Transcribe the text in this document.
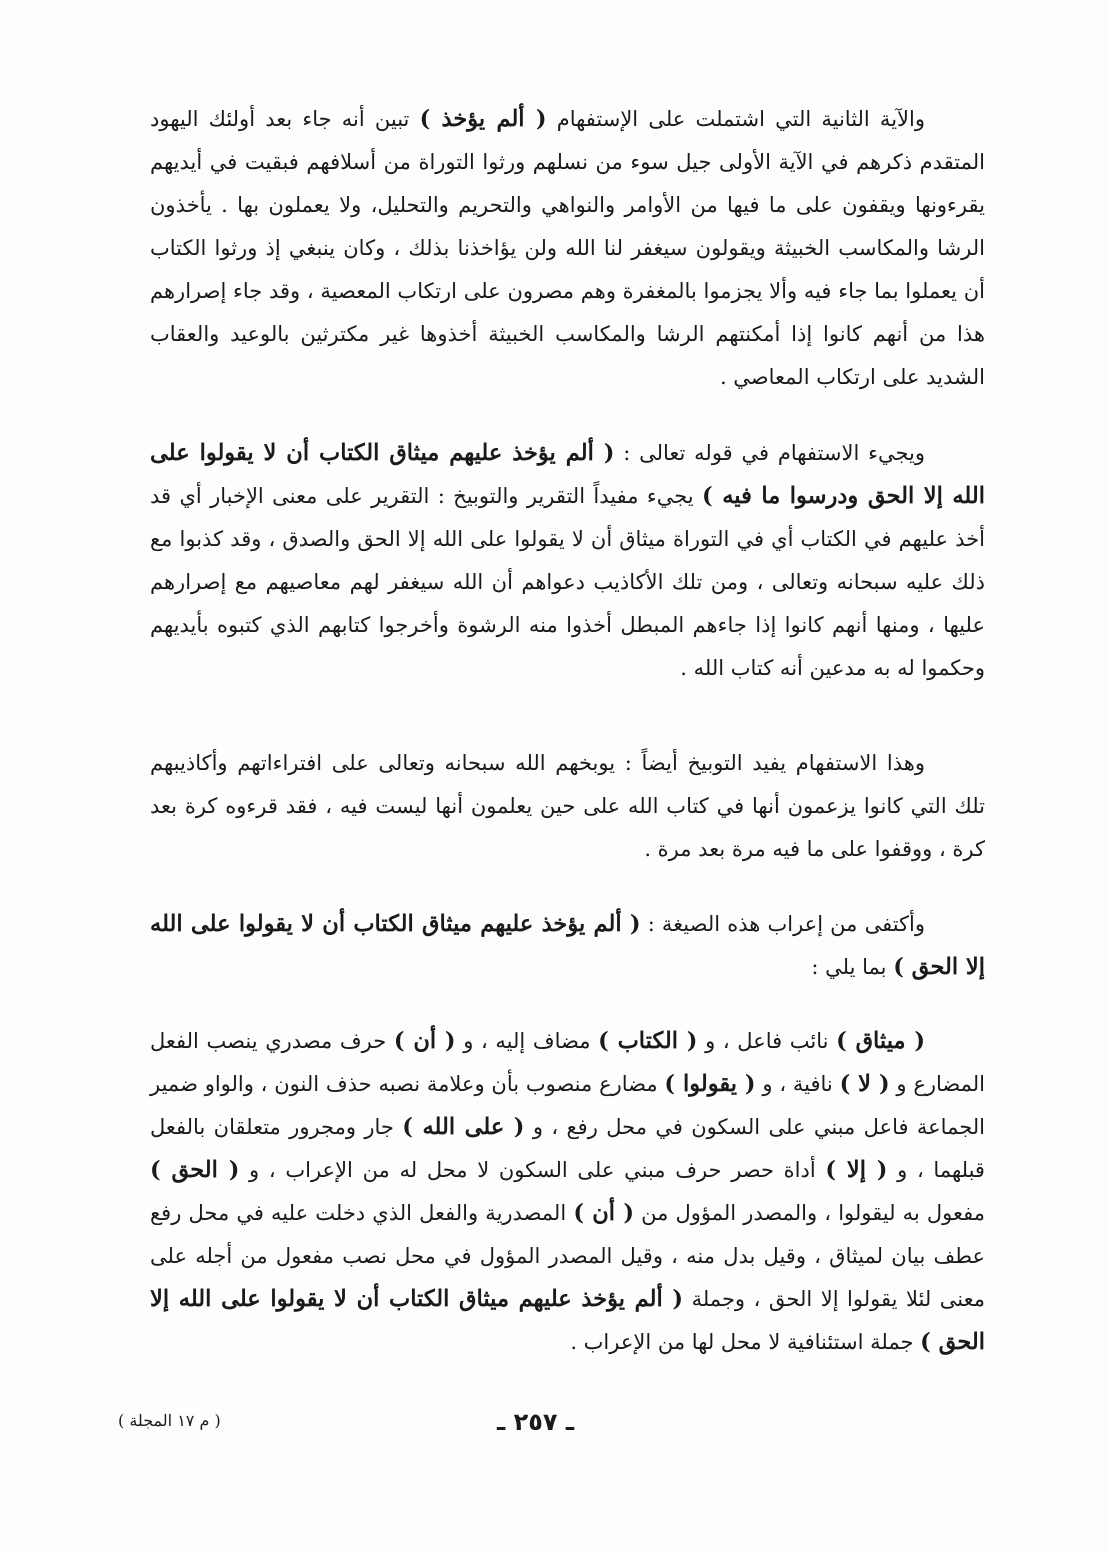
والآية الثانية التي اشتملت على الإستفهام ( ألم يؤخذ ) تبين أنه جاء بعد أولئك اليهود المتقدم ذكرهم في الآية الأولى جيل سوء من نسلهم ورثوا التوراة من أسلافهم فبقيت في أيديهم يقرءونها ويقفون على ما فيها من الأوامر والنواهي والتحريم والتحليل، ولا يعملون بها . يأخذون الرشا والمكاسب الخبيثة ويقولون سيغفر لنا الله ولن يؤاخذنا بذلك ، وكان ينبغي إذ ورثوا الكتاب أن يعملوا بما جاء فيه وألا يجزموا بالمغفرة وهم مصرون على ارتكاب المعصية ، وقد جاء إصرارهم هذا من أنهم كانوا إذا أمكنتهم الرشا والمكاسب الخبيثة أخذوها غير مكترثين بالوعيد والعقاب الشديد على ارتكاب المعاصي .

ويجيء الاستفهام في قوله تعالى : ( ألم يؤخذ عليهم ميثاق الكتاب أن لا يقولوا على الله إلا الحق ودرسوا ما فيه ) يجيء مفيداً التقرير والتوبيخ : التقرير على معنى الإخبار أي قد أخذ عليهم في الكتاب أي في التوراة ميثاق أن لا يقولوا على الله إلا الحق والصدق ، وقد كذبوا مع ذلك عليه سبحانه وتعالى ، ومن تلك الأكاذيب دعواهم أن الله سيغفر لهم معاصيهم مع إصرارهم عليها ، ومنها أنهم كانوا إذا جاءهم المبطل أخذوا منه الرشوة وأخرجوا كتابهم الذي كتبوه بأيديهم وحكموا له به مدعين أنه كتاب الله .

وهذا الاستفهام يفيد التوبيخ أيضاً : يوبخهم الله سبحانه وتعالى على افتراءاتهم وأكاذيبهم تلك التي كانوا يزعمون أنها في كتاب الله على حين يعلمون أنها ليست فيه ، فقد قرءوه كرة بعد كرة ، ووقفوا على ما فيه مرة بعد مرة .

وأكتفى من إعراب هذه الصيغة : ( ألم يؤخذ عليهم ميثاق الكتاب أن لا يقولوا على الله إلا الحق ) بما يلي :

( ميثاق ) نائب فاعل ، و ( الكتاب ) مضاف إليه ، و ( أن ) حرف مصدري ينصب الفعل المضارع و ( لا ) نافية ، و ( يقولوا ) مضارع منصوب بأن وعلامة نصبه حذف النون ، والواو ضمير الجماعة فاعل مبني على السكون في محل رفع ، و ( على الله ) جار ومجرور متعلقان بالفعل قبلهما ، و ( إلا ) أداة حصر حرف مبني على السكون لا محل له من الإعراب ، و ( الحق ) مفعول به ليقولوا ، والمصدر المؤول من ( أن ) المصدرية والفعل الذي دخلت عليه في محل رفع عطف بيان لميثاق ، وقيل بدل منه ، وقيل المصدر المؤول في محل نصب مفعول من أجله على معنى لئلا يقولوا إلا الحق ، وجملة ( ألم يؤخذ عليهم ميثاق الكتاب أن لا يقولوا على الله إلا الحق ) جملة استئنافية لا محل لها من الإعراب .

( م ١٧ المجلة )	ـ ٢٥٧ ـ
